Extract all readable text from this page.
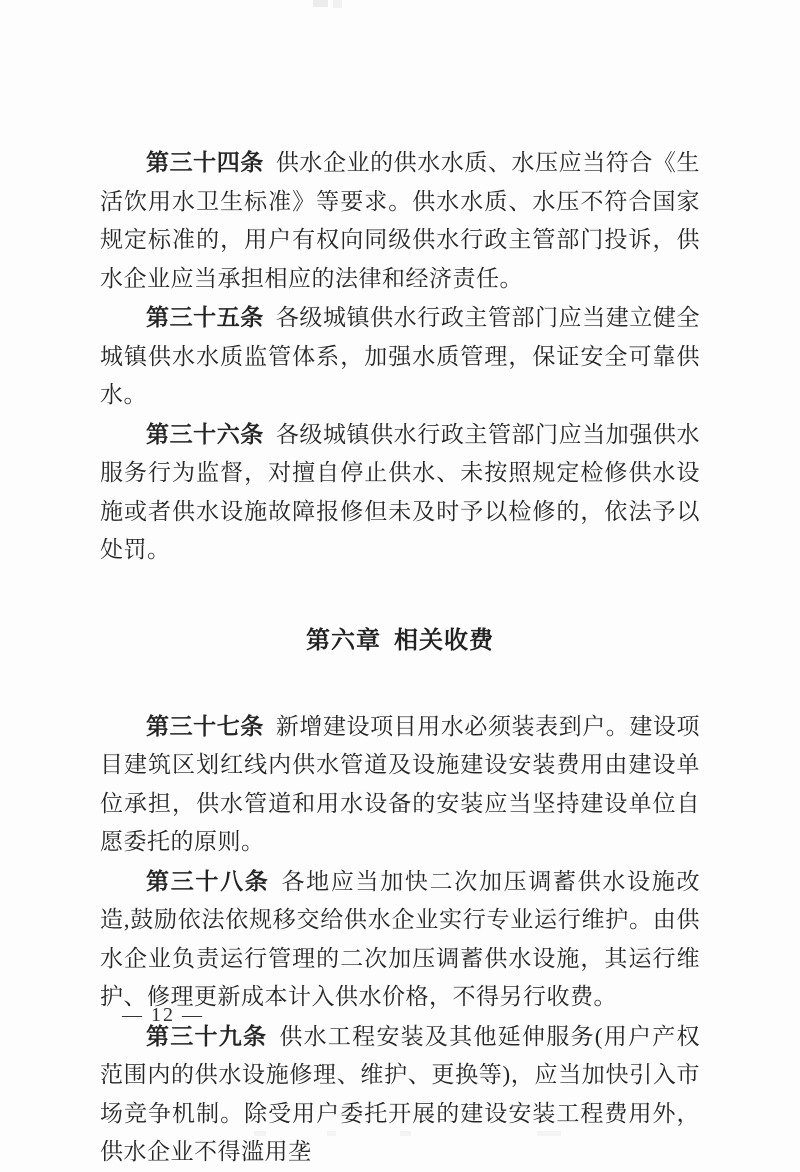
第三十四条 供水企业的供水水质、水压应当符合《生活饮用水卫生标准》等要求。供水水质、水压不符合国家规定标准的，用户有权向同级供水行政主管部门投诉，供水企业应当承担相应的法律和经济责任。

第三十五条 各级城镇供水行政主管部门应当建立健全城镇供水水质监管体系，加强水质管理，保证安全可靠供水。

第三十六条 各级城镇供水行政主管部门应当加强供水服务行为监督，对擅自停止供水、未按照规定检修供水设施或者供水设施故障报修但未及时予以检修的，依法予以处罚。

第六章 相关收费

第三十七条 新增建设项目用水必须装表到户。建设项目建筑区划红线内供水管道及设施建设安装费用由建设单位承担，供水管道和用水设备的安装应当坚持建设单位自愿委托的原则。

第三十八条 各地应当加快二次加压调蓄供水设施改造,鼓励依法依规移交给供水企业实行专业运行维护。由供水企业负责运行管理的二次加压调蓄供水设施，其运行维护、修理更新成本计入供水价格，不得另行收费。

第三十九条 供水工程安装及其他延伸服务(用户产权范围内的供水设施修理、维护、更换等)，应当加快引入市场竞争机制。除受用户委托开展的建设安装工程费用外，供水企业不得滥用垄

— 12 —
